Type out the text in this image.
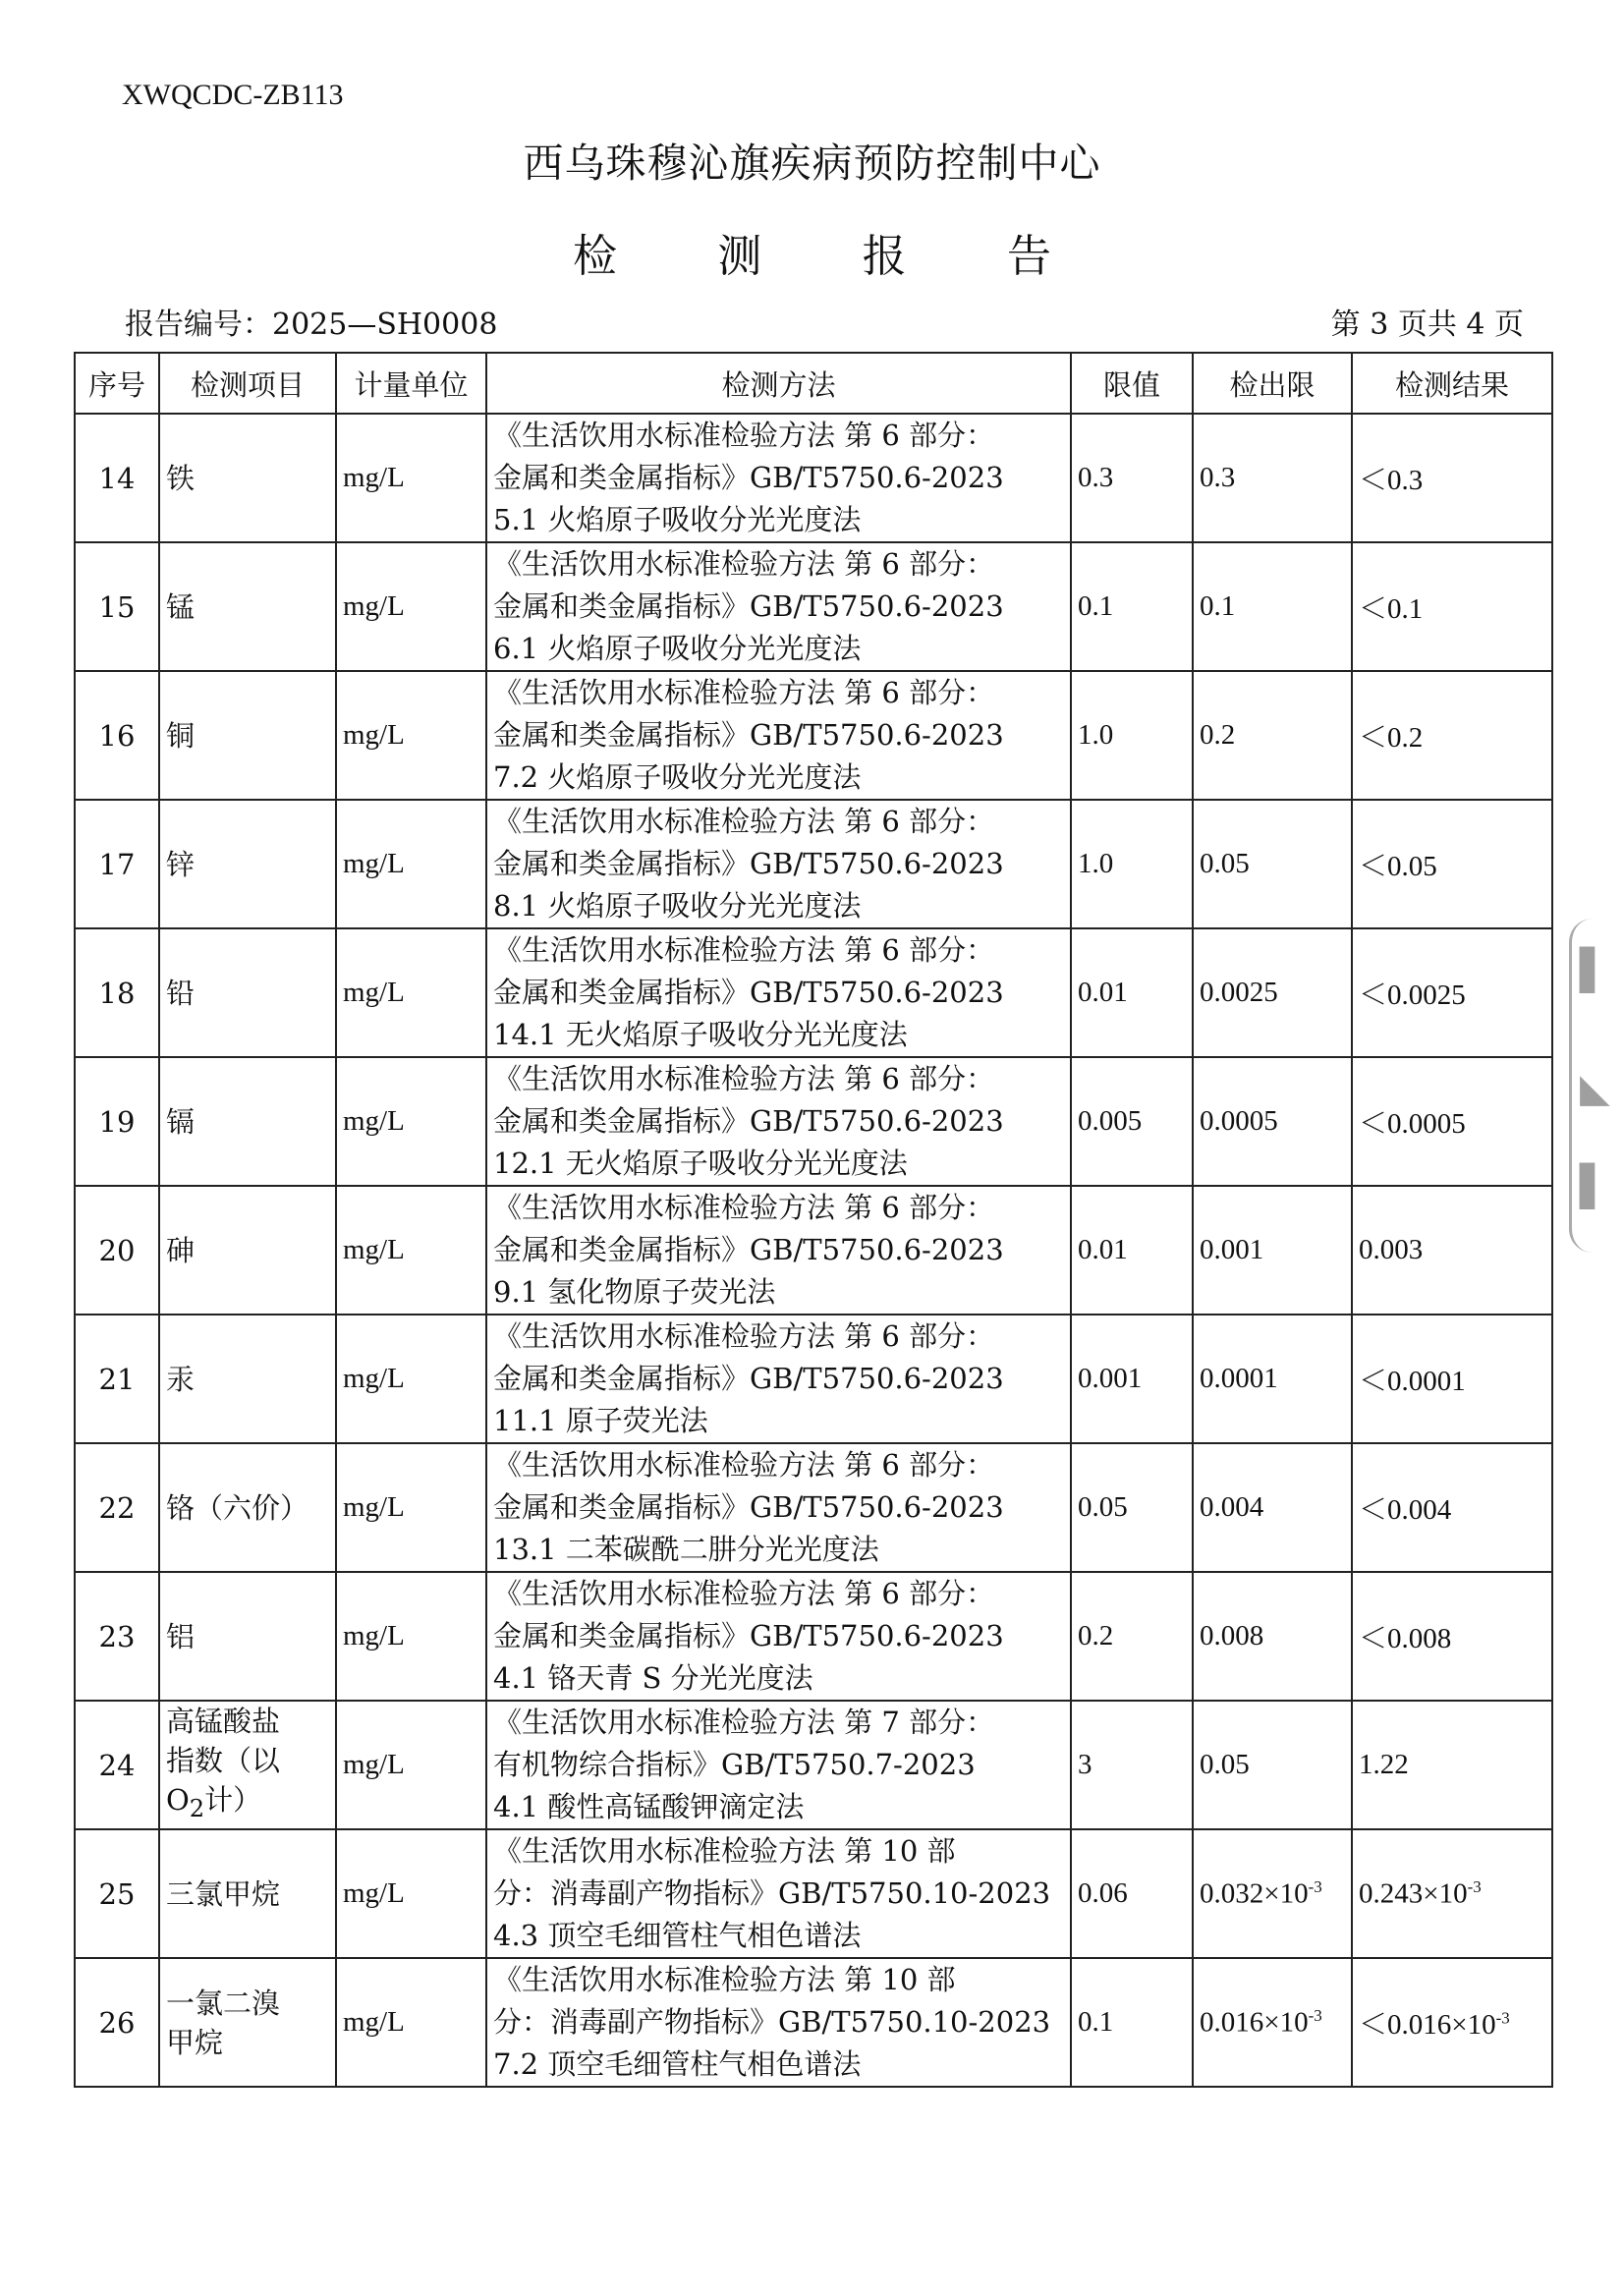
XWQCDC-ZB113
西乌珠穆沁旗疾病预防控制中心
检 测 报 告
报告编号：2025—SH0008	第 3 页共 4 页
序号	检测项目	计量单位	检测方法	限值	检出限	检测结果
14	铁	mg/L	《生活饮用水标准检验方法 第 6 部分：
金属和类金属指标》GB/T5750.6-2023
5.1 火焰原子吸收分光光度法	0.3	0.3	＜0.3
15	锰	mg/L	《生活饮用水标准检验方法 第 6 部分：
金属和类金属指标》GB/T5750.6-2023
6.1 火焰原子吸收分光光度法	0.1	0.1	＜0.1
16	铜	mg/L	《生活饮用水标准检验方法 第 6 部分：
金属和类金属指标》GB/T5750.6-2023
7.2 火焰原子吸收分光光度法	1.0	0.2	＜0.2
17	锌	mg/L	《生活饮用水标准检验方法 第 6 部分：
金属和类金属指标》GB/T5750.6-2023
8.1 火焰原子吸收分光光度法	1.0	0.05	＜0.05
18	铅	mg/L	《生活饮用水标准检验方法 第 6 部分：
金属和类金属指标》GB/T5750.6-2023
14.1 无火焰原子吸收分光光度法	0.01	0.0025	＜0.0025
19	镉	mg/L	《生活饮用水标准检验方法 第 6 部分：
金属和类金属指标》GB/T5750.6-2023
12.1 无火焰原子吸收分光光度法	0.005	0.0005	＜0.0005
20	砷	mg/L	《生活饮用水标准检验方法 第 6 部分：
金属和类金属指标》GB/T5750.6-2023
9.1 氢化物原子荧光法	0.01	0.001	0.003
21	汞	mg/L	《生活饮用水标准检验方法 第 6 部分：
金属和类金属指标》GB/T5750.6-2023
11.1 原子荧光法	0.001	0.0001	＜0.0001
22	铬（六价）	mg/L	《生活饮用水标准检验方法 第 6 部分：
金属和类金属指标》GB/T5750.6-2023
13.1 二苯碳酰二肼分光光度法	0.05	0.004	＜0.004
23	铝	mg/L	《生活饮用水标准检验方法 第 6 部分：
金属和类金属指标》GB/T5750.6-2023
4.1 铬天青 S 分光光度法	0.2	0.008	＜0.008
24	高锰酸盐
指数（以
$O_2$计）	mg/L	《生活饮用水标准检验方法 第 7 部分：
有机物综合指标》GB/T5750.7-2023
4.1 酸性高锰酸钾滴定法	3	0.05	1.22
25	三氯甲烷	mg/L	《生活饮用水标准检验方法 第 10 部
分：消毒副产物指标》GB/T5750.10-2023
4.3 顶空毛细管柱气相色谱法	0.06	$0.032\times 10^{-3}$	$0.243\times 10^{-3}$
26	一氯二溴
甲烷	mg/L	《生活饮用水标准检验方法 第 10 部
分：消毒副产物指标》GB/T5750.10-2023
7.2 顶空毛细管柱气相色谱法	0.1	$0.016\times 10^{-3}$	$<0.016\times 10^{-3}$
▌
◣
▌
